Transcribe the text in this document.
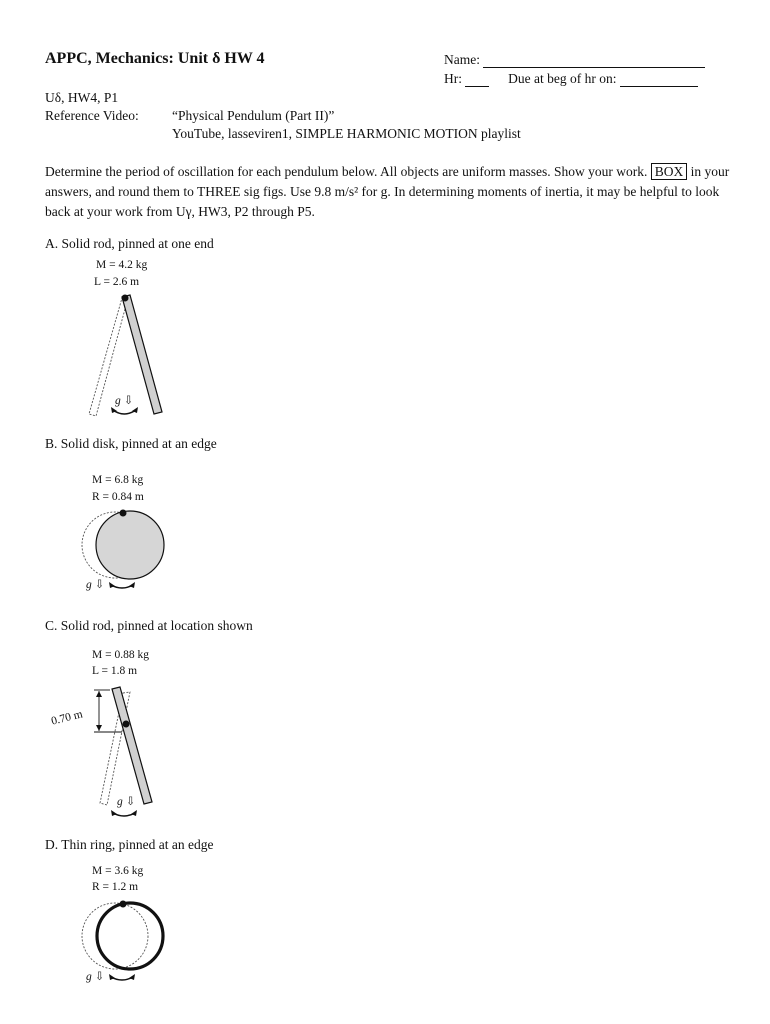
APPC, Mechanics: Unit δ HW 4	Name:
Hr:	Due at beg of hr on:
Uδ, HW4, P1
Reference Video: “Physical Pendulum (Part II)”
YouTube, lasseviren1, SIMPLE HARMONIC MOTION playlist
Determine the period of oscillation for each pendulum below. All objects are uniform masses. Show your work. BOX in your answers, and round them to THREE sig figs. Use 9.8 m/s² for g. In determining moments of inertia, it may be helpful to look back at your work from Uγ, HW3, P2 through P5.
A. Solid rod, pinned at one end
M = 4.2 kg
L = 2.6 m
g ⇩
B. Solid disk, pinned at an edge
M = 6.8 kg
R = 0.84 m
g ⇩
C. Solid rod, pinned at location shown
M = 0.88 kg
L = 1.8 m
0.70 m
g ⇩
D. Thin ring, pinned at an edge
M = 3.6 kg
R = 1.2 m
g ⇩
